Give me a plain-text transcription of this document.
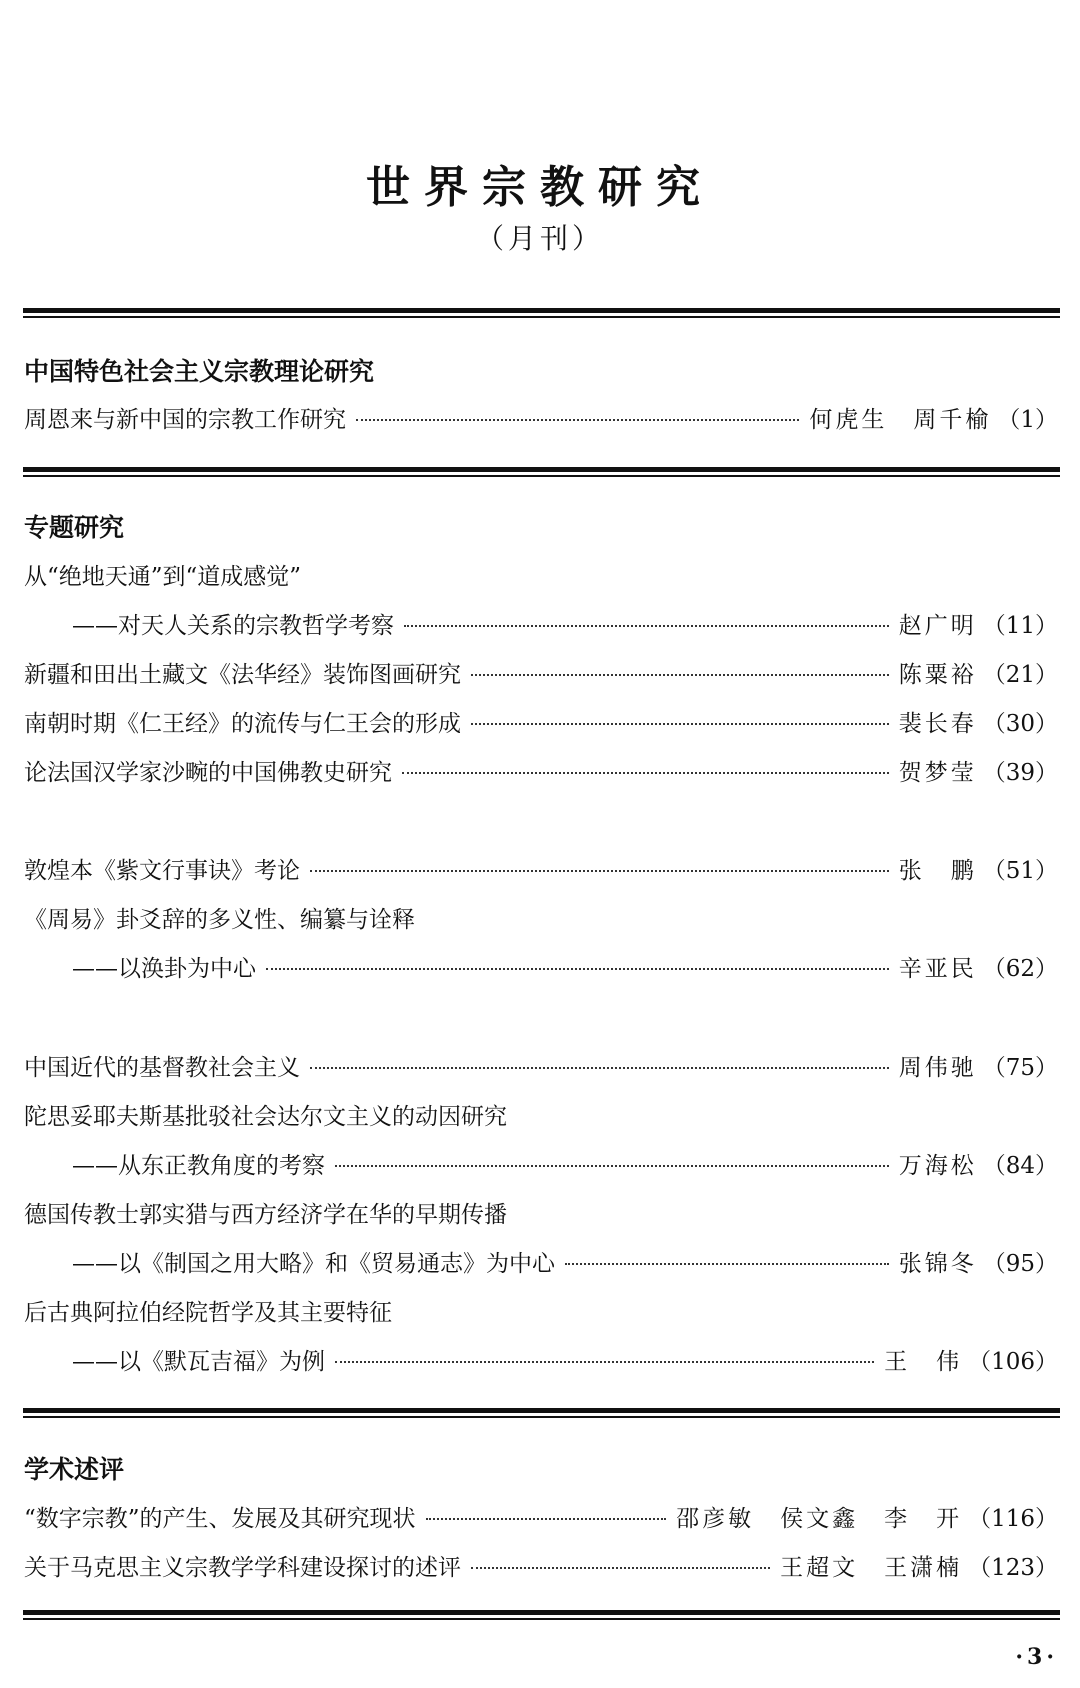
世界宗教研究
（月刊）
中国特色社会主义宗教理论研究
周恩来与新中国的宗教工作研究	何虎生　周千榆 （1）
专题研究
从“绝地天通”到“道成感觉”
——对天人关系的宗教哲学考察	赵广明 （11）
新疆和田出土藏文《法华经》装饰图画研究	陈粟裕 （21）
南朝时期《仁王经》的流传与仁王会的形成	裴长春 （30）
论法国汉学家沙畹的中国佛教史研究	贺梦莹 （39）
敦煌本《紫文行事诀》考论	张　鹏 （51）
《周易》卦爻辞的多义性、编纂与诠释
——以涣卦为中心	辛亚民 （62）
中国近代的基督教社会主义	周伟驰 （75）
陀思妥耶夫斯基批驳社会达尔文主义的动因研究
——从东正教角度的考察	万海松 （84）
德国传教士郭实猎与西方经济学在华的早期传播
——以《制国之用大略》和《贸易通志》为中心	张锦冬 （95）
后古典阿拉伯经院哲学及其主要特征
——以《默瓦吉福》为例	王　伟 （106）
学术述评
“数字宗教”的产生、发展及其研究现状	邵彦敏　侯文鑫　李　开 （116）
关于马克思主义宗教学学科建设探讨的述评	王超文　王潇楠 （123）
·3·
